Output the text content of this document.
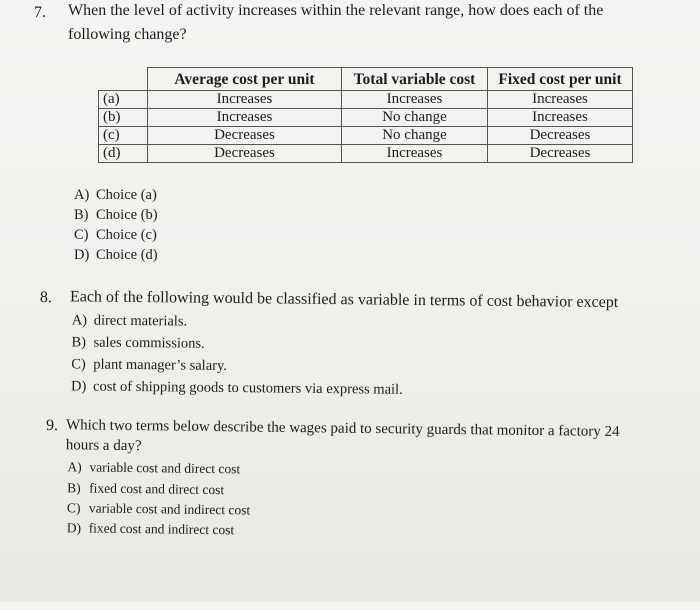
7. When the level of activity increases within the relevant range, how does each of the
following change?
	Average cost per unit	Total variable cost	Fixed cost per unit
(a)	Increases	Increases	Increases
(b)	Increases	No change	Increases
(c)	Decreases	No change	Decreases
(d)	Decreases	Increases	Decreases
A) Choice (a)
B) Choice (b)
C) Choice (c)
D) Choice (d)
8. Each of the following would be classified as variable in terms of cost behavior except
A) direct materials.
B) sales commissions.
C) plant manager’s salary.
D) cost of shipping goods to customers via express mail.
9. Which two terms below describe the wages paid to security guards that monitor a factory 24
hours a day?
A) variable cost and direct cost
B) fixed cost and direct cost
C) variable cost and indirect cost
D) fixed cost and indirect cost
